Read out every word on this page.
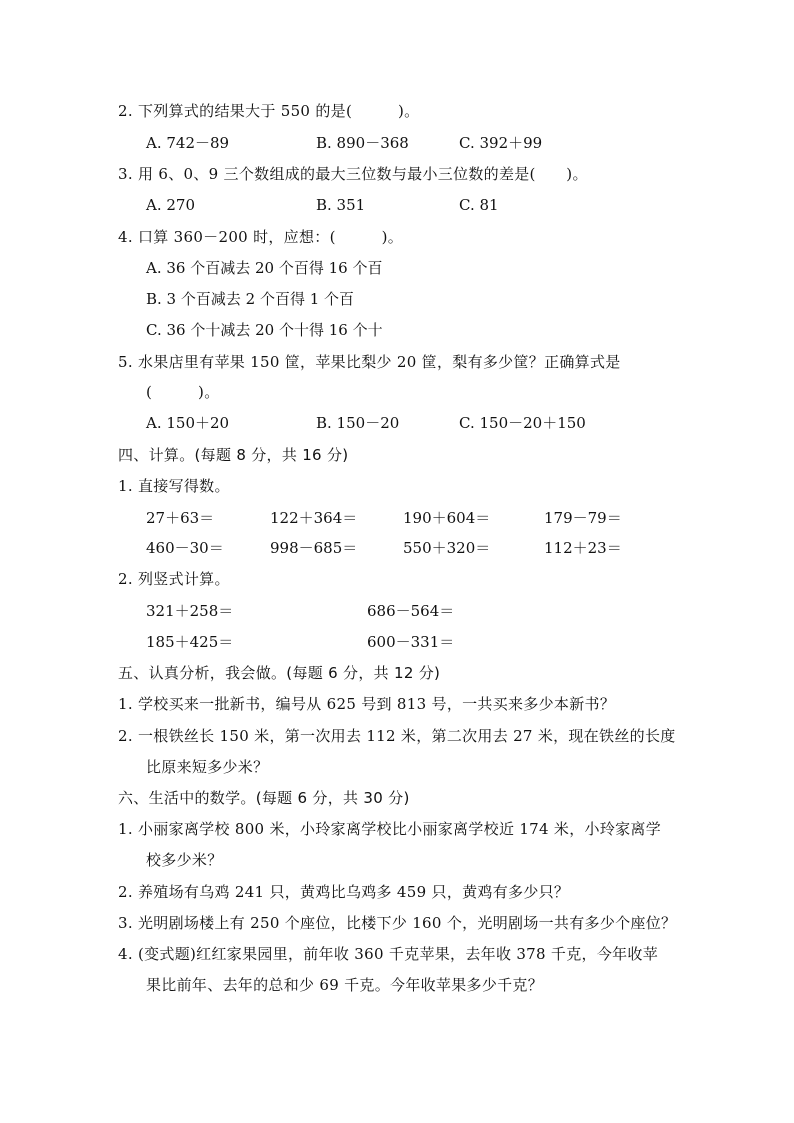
2. 下列算式的结果大于 550 的是(　　　)。
A. 742－89	B. 890－368	C. 392＋99
3. 用 6、0、9 三个数组成的最大三位数与最小三位数的差是(　　)。
A. 270	B. 351	C. 81
4. 口算 360－200 时，应想：(　　　)。
A. 36 个百减去 20 个百得 16 个百
B. 3 个百减去 2 个百得 1 个百
C. 36 个十减去 20 个十得 16 个十
5. 水果店里有苹果 150 筐，苹果比梨少 20 筐，梨有多少筐？正确算式是
(　　　)。
A. 150＋20	B. 150－20	C. 150－20＋150
四、计算。(每题 8 分，共 16 分)
1. 直接写得数。
27＋63＝	122＋364＝	190＋604＝	179－79＝
460－30＝	998－685＝	550＋320＝	112＋23＝
2. 列竖式计算。
321＋258＝	686－564＝
185＋425＝	600－331＝
五、认真分析，我会做。(每题 6 分，共 12 分)
1. 学校买来一批新书，编号从 625 号到 813 号，一共买来多少本新书？
2. 一根铁丝长 150 米，第一次用去 112 米，第二次用去 27 米，现在铁丝的长度
比原来短多少米？
六、生活中的数学。(每题 6 分，共 30 分)
1. 小丽家离学校 800 米，小玲家离学校比小丽家离学校近 174 米，小玲家离学
校多少米？
2. 养殖场有乌鸡 241 只，黄鸡比乌鸡多 459 只，黄鸡有多少只？
3. 光明剧场楼上有 250 个座位，比楼下少 160 个，光明剧场一共有多少个座位？
4. (变式题)红红家果园里，前年收 360 千克苹果，去年收 378 千克，今年收苹
果比前年、去年的总和少 69 千克。今年收苹果多少千克？
